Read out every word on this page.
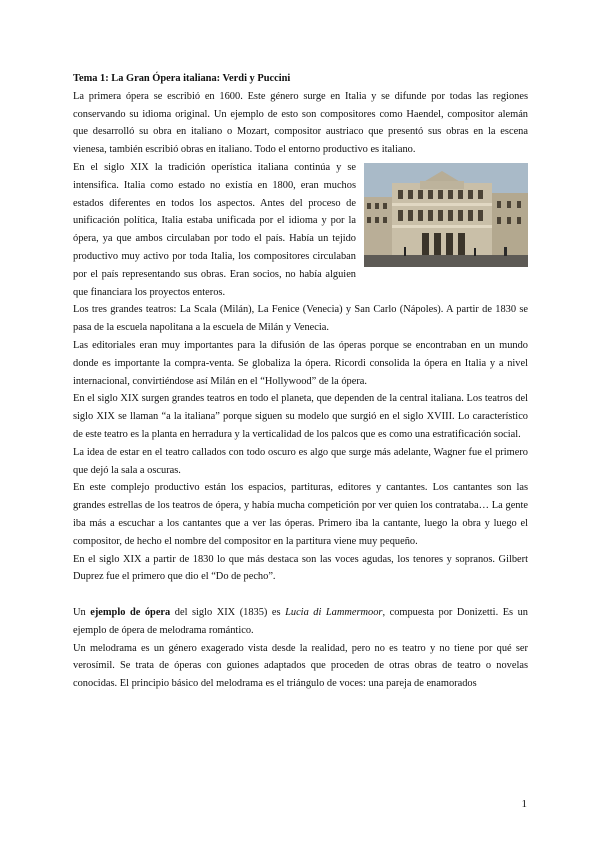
Tema 1: La Gran Ópera italiana: Verdi y Puccini

La primera ópera se escribió en 1600. Este género surge en Italia y se difunde por todas las regiones conservando su idioma original. Un ejemplo de esto son compositores como Haendel, compositor alemán que desarrolló su obra en italiano o Mozart, compositor austriaco que presentó sus obras en la escena vienesa, también escribió obras en italiano. Todo el entorno productivo es italiano.

En el siglo XIX la tradición operística italiana continúa y se intensifica. Italia como estado no existía en 1800, eran muchos estados diferentes en todos los aspectos. Antes del proceso de unificación política, Italia estaba unificada por el idioma y por la ópera, ya que ambos circulaban por todo el país. Había un tejido productivo muy activo por toda Italia, los compositores circulaban por el país representando sus obras. Eran socios, no había alguien que financiara los proyectos enteros.

Los tres grandes teatros: La Scala (Milán), La Fenice (Venecia) y San Carlo (Nápoles). A partir de 1830 se pasa de la escuela napolitana a la escuela de Milán y Venecia.

Las editoriales eran muy importantes para la difusión de las óperas porque se encontraban en un mundo donde es importante la compra-venta. Se globaliza la ópera. Ricordi consolida la ópera en Italia y a nivel internacional, convirtiéndose así Milán en el “Hollywood” de la ópera.

En el siglo XIX surgen grandes teatros en todo el planeta, que dependen de la central italiana. Los teatros del siglo XIX se llaman “a la italiana” porque siguen su modelo que surgió en el siglo XVIII. Lo característico de este teatro es la planta en herradura y la verticalidad de los palcos que es como una estratificación social.

La idea de estar en el teatro callados con todo oscuro es algo que surge más adelante, Wagner fue el primero que dejó la sala a oscuras.

En este complejo productivo están los espacios, partituras, editores y cantantes. Los cantantes son las grandes estrellas de los teatros de ópera, y había mucha competición por ver quien los contrataba… La gente iba más a escuchar a los cantantes que a ver las óperas. Primero iba la cantante, luego la obra y luego el compositor, de hecho el nombre del compositor en la partitura viene muy pequeño.

En el siglo XIX a partir de 1830 lo que más destaca son las voces agudas, los tenores y sopranos. Gilbert Duprez fue el primero que dio el “Do de pecho”.

Un ejemplo de ópera del siglo XIX (1835) es Lucia di Lammermoor, compuesta por Donizetti. Es un ejemplo de ópera de melodrama romántico.

Un melodrama es un género exagerado vista desde la realidad, pero no es teatro y no tiene por qué ser verosímil. Se trata de óperas con guiones adaptados que proceden de otras obras de teatro o novelas conocidas. El principio básico del melodrama es el triángulo de voces: una pareja de enamorados

1
